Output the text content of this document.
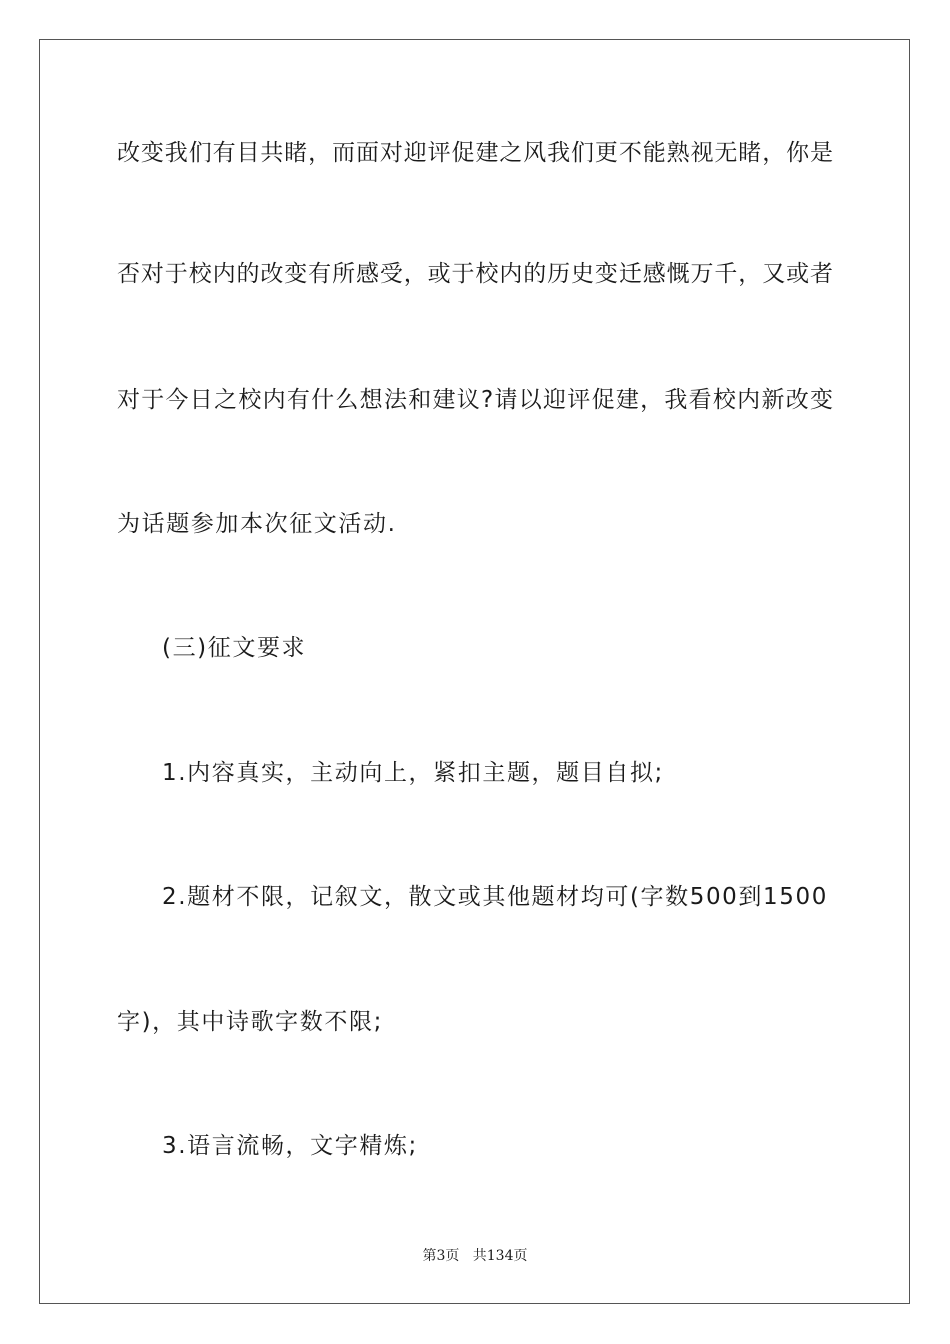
改变我们有目共睹，而面对迎评促建之风我们更不能熟视无睹，你是
否对于校内的改变有所感受，或于校内的历史变迁感慨万千，又或者
对于今日之校内有什么想法和建议?请以迎评促建，我看校内新改变
为话题参加本次征文活动.
(三)征文要求
1.内容真实，主动向上，紧扣主题，题目自拟;
2.题材不限，记叙文，散文或其他题材均可(字数500到1500
字)，其中诗歌字数不限;
3.语言流畅，文字精炼;
第3页   共134页
